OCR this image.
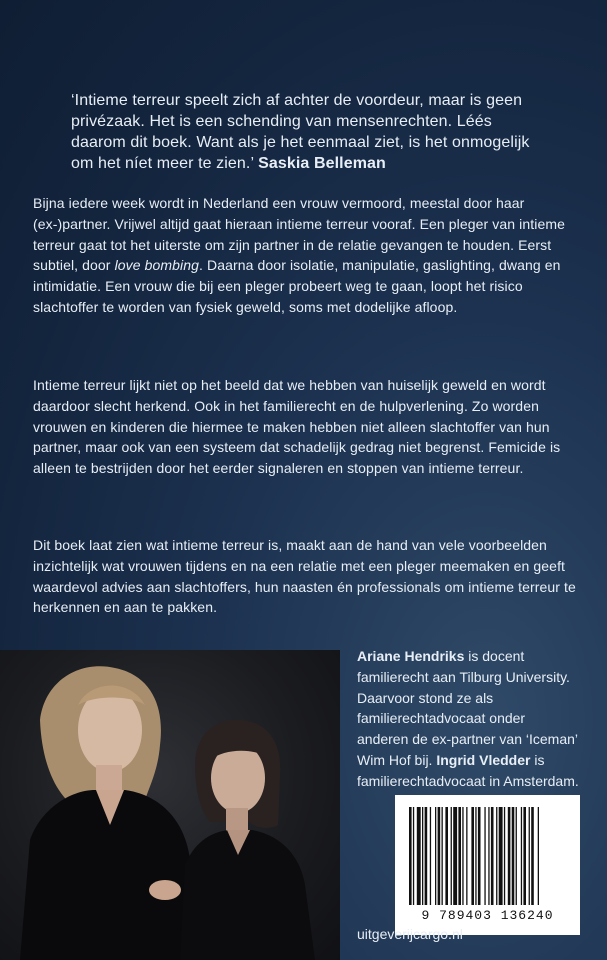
‘Intieme terreur speelt zich af achter de voordeur, maar is geen privézaak. Het is een schending van mensenrechten. Léés daarom dit boek. Want als je het eenmaal ziet, is het onmogelijk om het níet meer te zien.’ Saskia Belleman

Bijna iedere week wordt in Nederland een vrouw vermoord, meestal door haar (ex-)partner. Vrijwel altijd gaat hieraan intieme terreur vooraf. Een pleger van intieme terreur gaat tot het uiterste om zijn partner in de relatie gevangen te houden. Eerst subtiel, door love bombing. Daarna door isolatie, manipulatie, gaslighting, dwang en intimidatie. Een vrouw die bij een pleger probeert weg te gaan, loopt het risico slachtoffer te worden van fysiek geweld, soms met dodelijke afloop.

Intieme terreur lijkt niet op het beeld dat we hebben van huiselijk geweld en wordt daardoor slecht herkend. Ook in het familierecht en de hulpverlening. Zo worden vrouwen en kinderen die hiermee te maken hebben niet alleen slachtoffer van hun partner, maar ook van een systeem dat schadelijk gedrag niet begrenst. Femicide is alleen te bestrijden door het eerder signaleren en stoppen van intieme terreur.

Dit boek laat zien wat intieme terreur is, maakt aan de hand van vele voorbeelden inzichtelijk wat vrouwen tijdens en na een relatie met een pleger meemaken en geeft waardevol advies aan slachtoffers, hun naasten én professionals om intieme terreur te herkennen en aan te pakken.

Ariane Hendriks is docent familierecht aan Tilburg University. Daarvoor stond ze als familierechtadvocaat onder anderen de ex-partner van ‘Iceman’ Wim Hof bij. Ingrid Vledder is familierechtadvocaat in Amsterdam.

9 789403 136240

uitgeverijcargo.nl
